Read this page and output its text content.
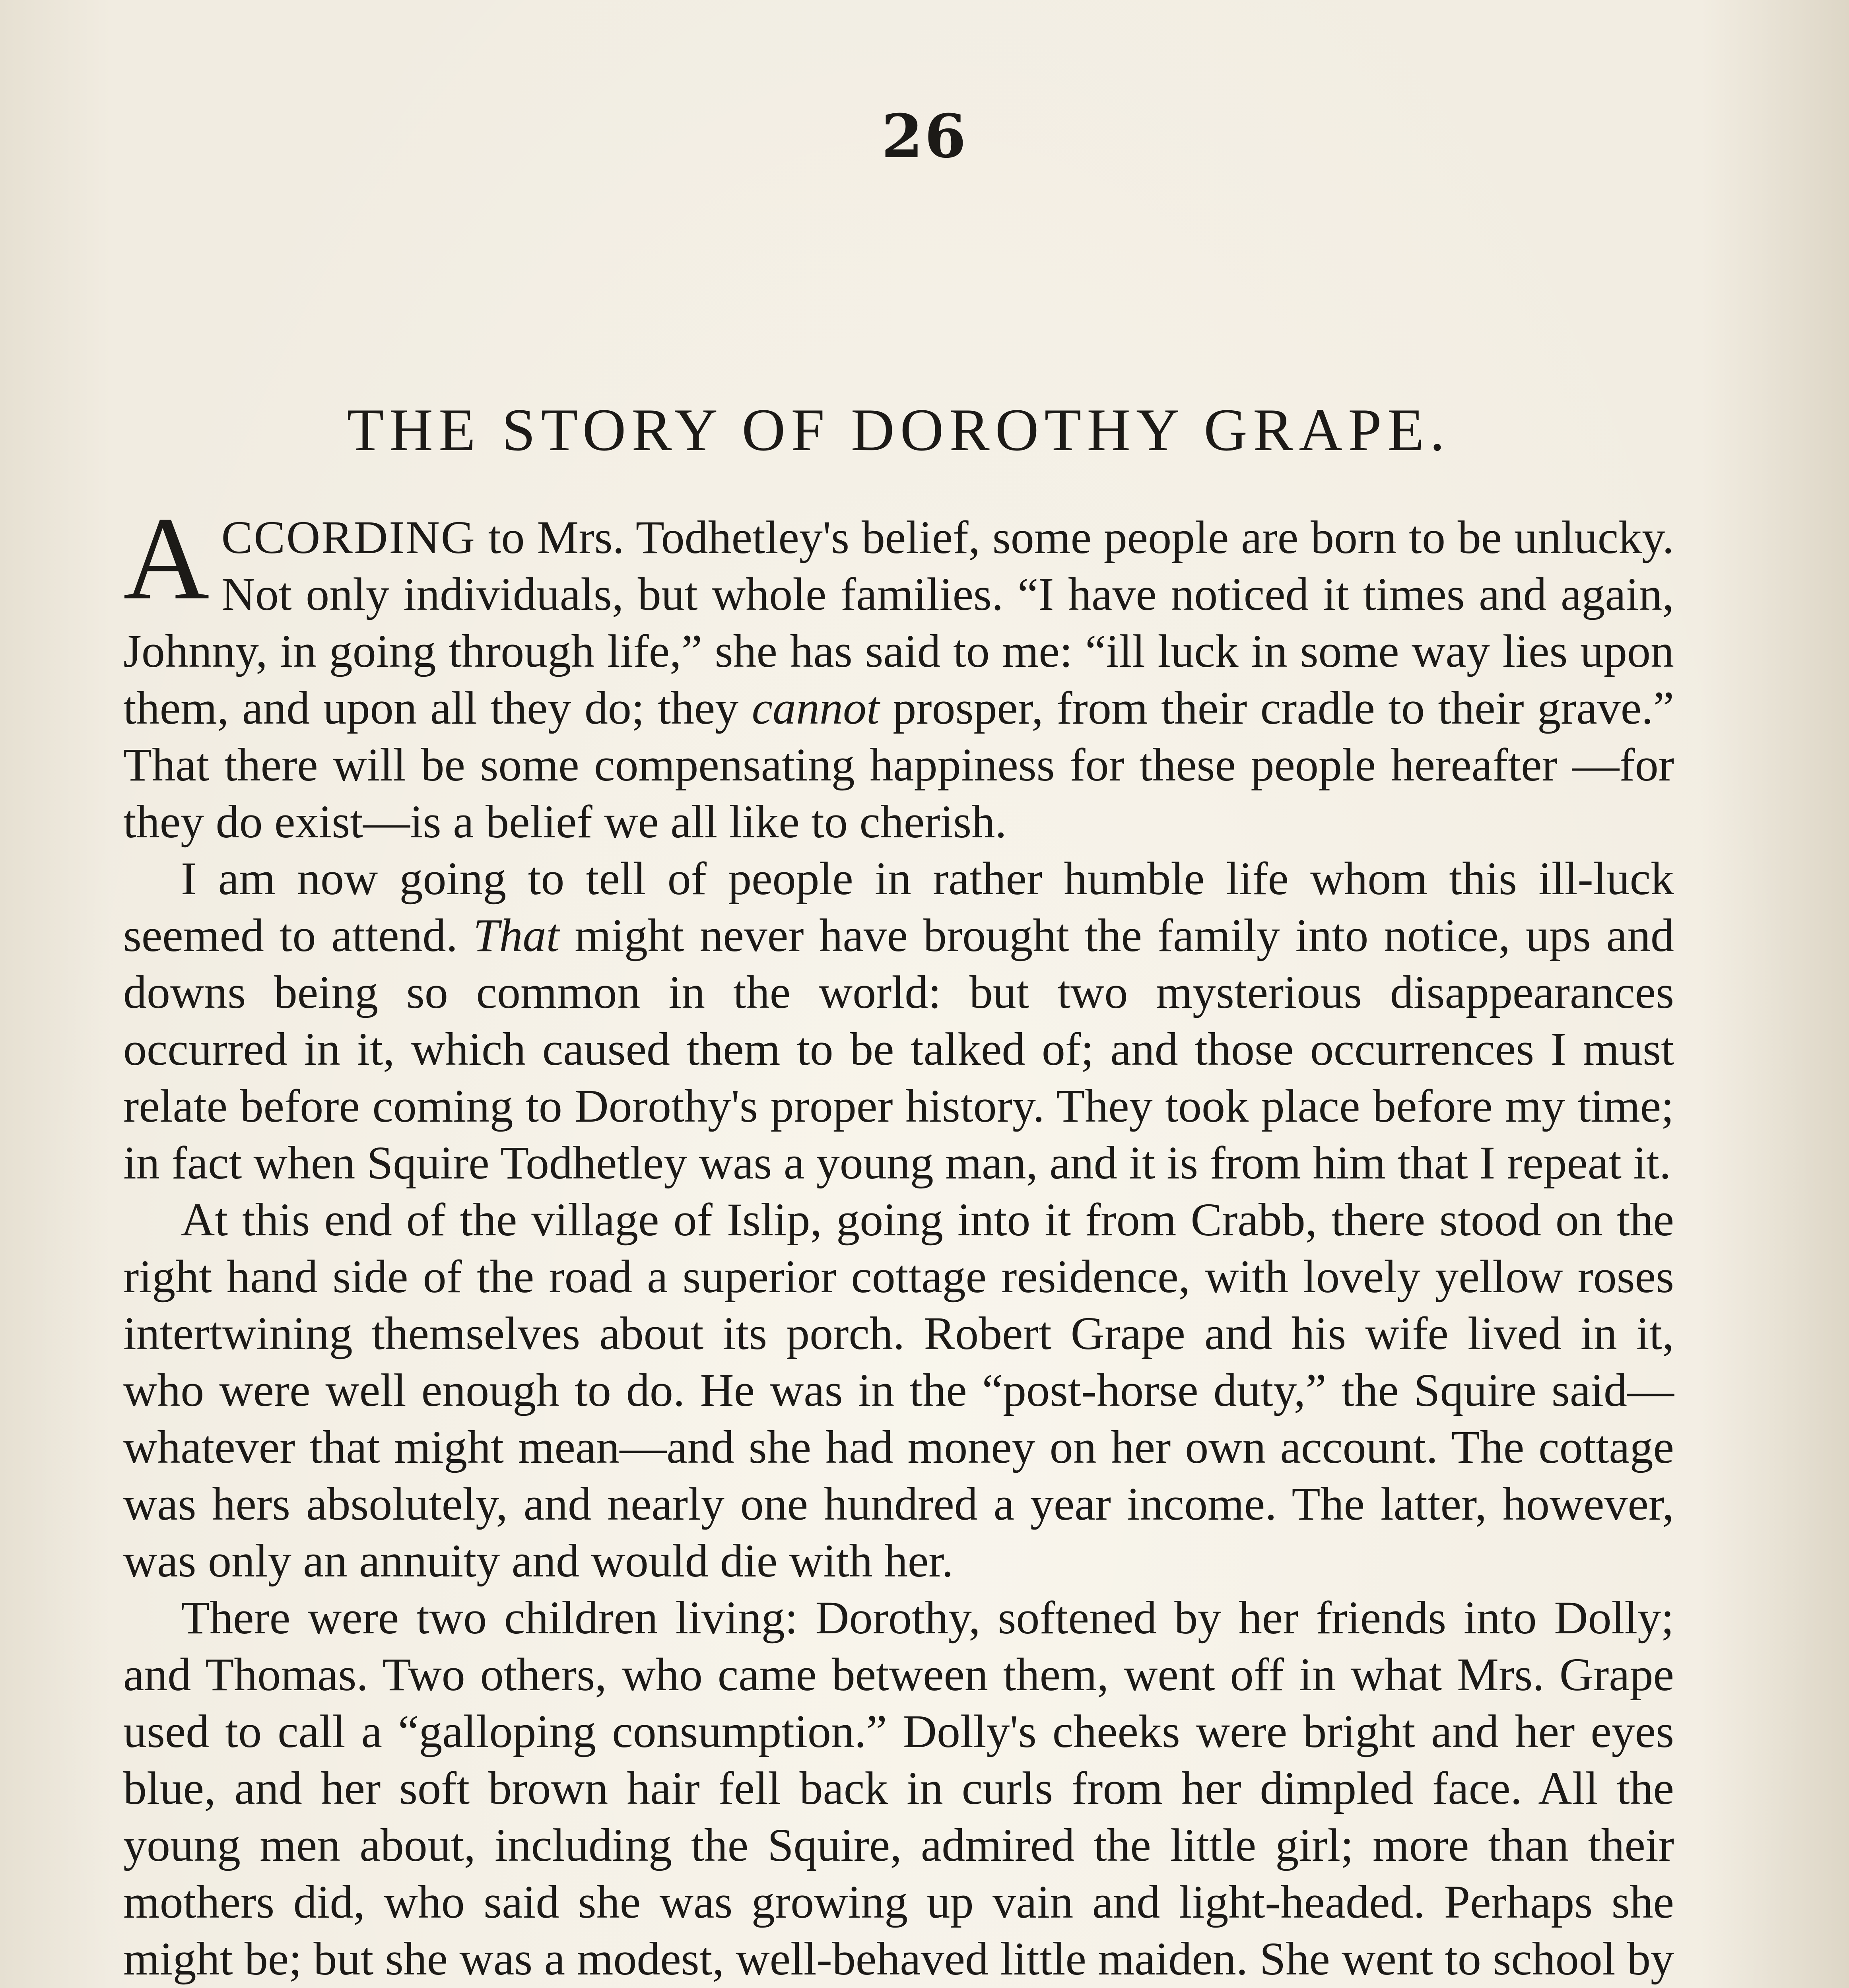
26
THE STORY OF DOROTHY GRAPE.

ACCORDING to Mrs. Todhetley's belief, some people are born to be unlucky. Not only individuals, but whole families. “I have noticed it times and again, Johnny, in going through life,” she has said to me: “ill luck in some way lies upon them, and upon all they do; they cannot prosper, from their cradle to their grave.” That there will be some compensating happiness for these people hereafter —for they do exist—is a belief we all like to cherish.

I am now going to tell of people in rather humble life whom this ill-luck seemed to attend. That might never have brought the family into notice, ups and downs being so common in the world: but two mysterious disappearances occurred in it, which caused them to be talked of; and those occurrences I must relate before coming to Dorothy's proper history. They took place before my time; in fact when Squire Todhetley was a young man, and it is from him that I repeat it.

At this end of the village of Islip, going into it from Crabb, there stood on the right hand side of the road a superior cottage residence, with lovely yellow roses intertwining themselves about its porch. Robert Grape and his wife lived in it, who were well enough to do. He was in the “post-horse duty,” the Squire said—whatever that might mean—and she had money on her own account. The cottage was hers absolutely, and nearly one hundred a year income. The latter, however, was only an annuity and would die with her.

There were two children living: Dorothy, softened by her friends into Dolly; and Thomas. Two others, who came between them, went off in what Mrs. Grape used to call a “galloping consumption.” Dolly's cheeks were bright and her eyes blue, and her soft brown hair fell back in curls from her dimpled face. All the young men about, including the Squire, admired the little girl; more than their mothers did, who said she was growing up vain and light-headed. Perhaps she might be; but she was a modest, well-behaved little maiden. She went to school by
